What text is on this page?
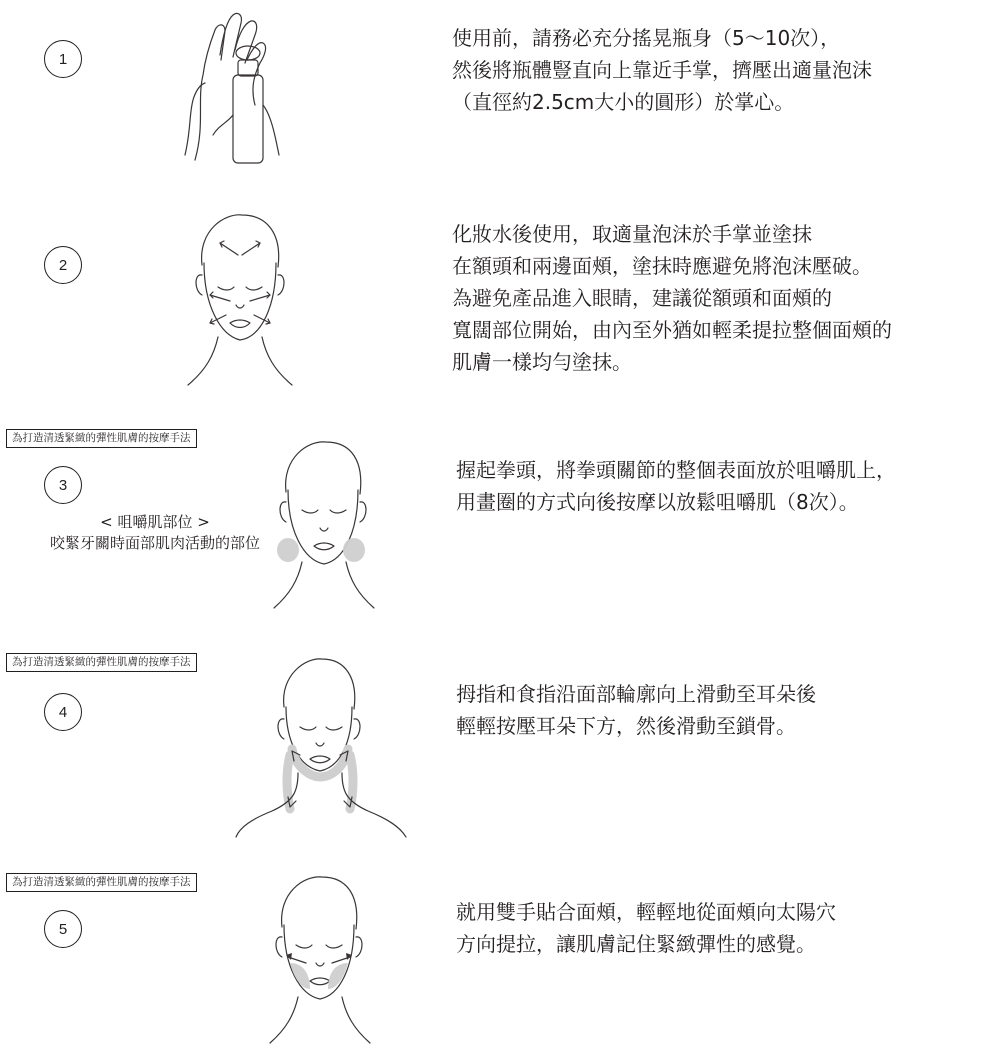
1
使用前，請務必充分搖晃瓶身（5～10次），
然後將瓶體豎直向上靠近手掌，擠壓出適量泡沫
（直徑約2.5cm大小的圓形）於掌心。
2
化妝水後使用，取適量泡沫於手掌並塗抹
在額頭和兩邊面頰，塗抹時應避免將泡沫壓破。
為避免產品進入眼睛，建議從額頭和面頰的
寬闊部位開始，由內至外猶如輕柔提拉整個面頰的
肌膚一樣均勻塗抹。
為打造清透緊緻的彈性肌膚的按摩手法
3
< 咀嚼肌部位 >
咬緊牙關時面部肌肉活動的部位
握起拳頭，將拳頭關節的整個表面放於咀嚼肌上，
用畫圈的方式向後按摩以放鬆咀嚼肌（8次）。
為打造清透緊緻的彈性肌膚的按摩手法
4
拇指和食指沿面部輪廓向上滑動至耳朵後
輕輕按壓耳朵下方，然後滑動至鎖骨。
為打造清透緊緻的彈性肌膚的按摩手法
5
就用雙手貼合面頰，輕輕地從面頰向太陽穴
方向提拉，讓肌膚記住緊緻彈性的感覺。
